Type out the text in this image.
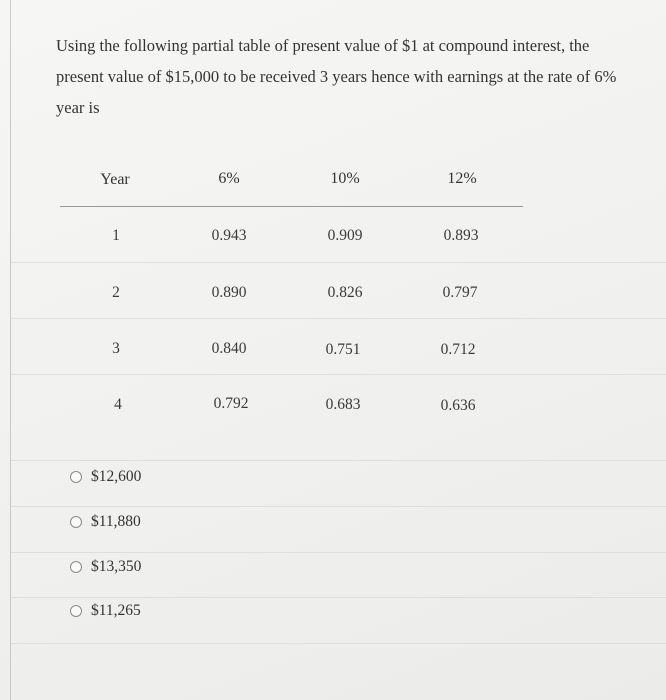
Using the following partial table of present value of $1 at compound interest, the
present value of $15,000 to be received 3 years hence with earnings at the rate of 6%
year is
Year	6%	10%	12%
1	0.943	0.909	0.893
2	0.890	0.826	0.797
3	0.840	0.751	0.712
4	0.792	0.683	0.636
$12,600
$11,880
$13,350
$11,265
